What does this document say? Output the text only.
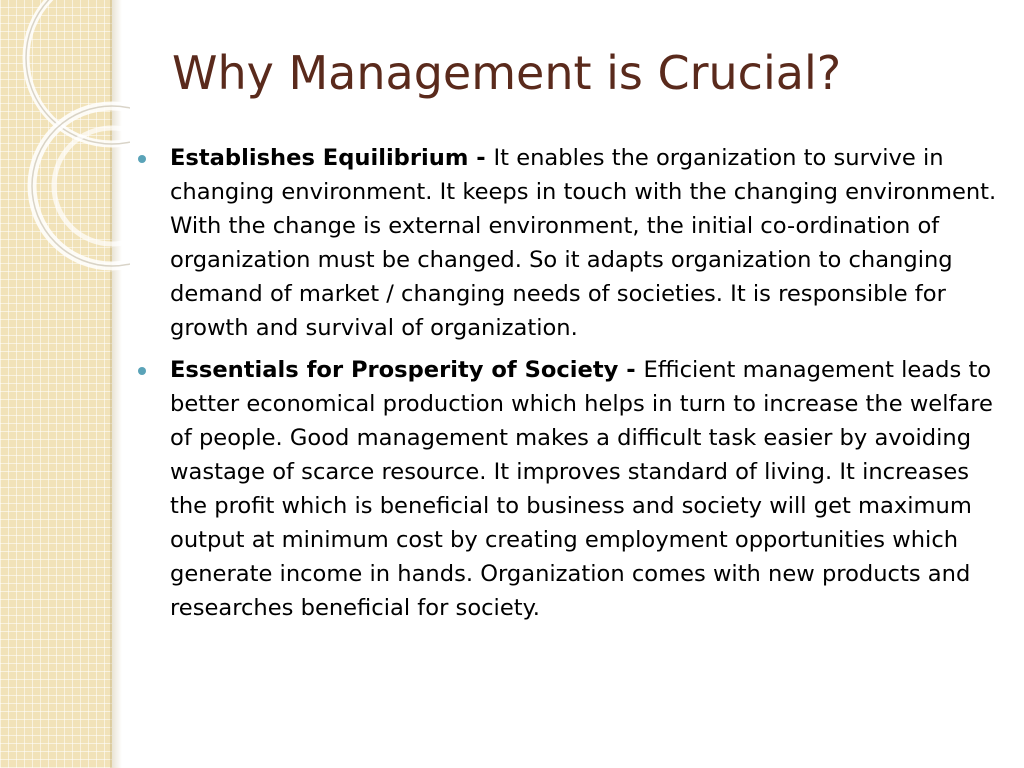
Why Management is Crucial?
Establishes Equilibrium - It enables the organization to survive in changing environment. It keeps in touch with the changing environment. With the change is external environment, the initial co-ordination of organization must be changed. So it adapts organization to changing demand of market / changing needs of societies. It is responsible for growth and survival of organization.
Essentials for Prosperity of Society - Efficient management leads to better economical production which helps in turn to increase the welfare of people. Good management makes a difficult task easier by avoiding wastage of scarce resource. It improves standard of living. It increases the profit which is beneficial to business and society will get maximum output at minimum cost by creating employment opportunities which generate income in hands. Organization comes with new products and researches beneficial for society.
